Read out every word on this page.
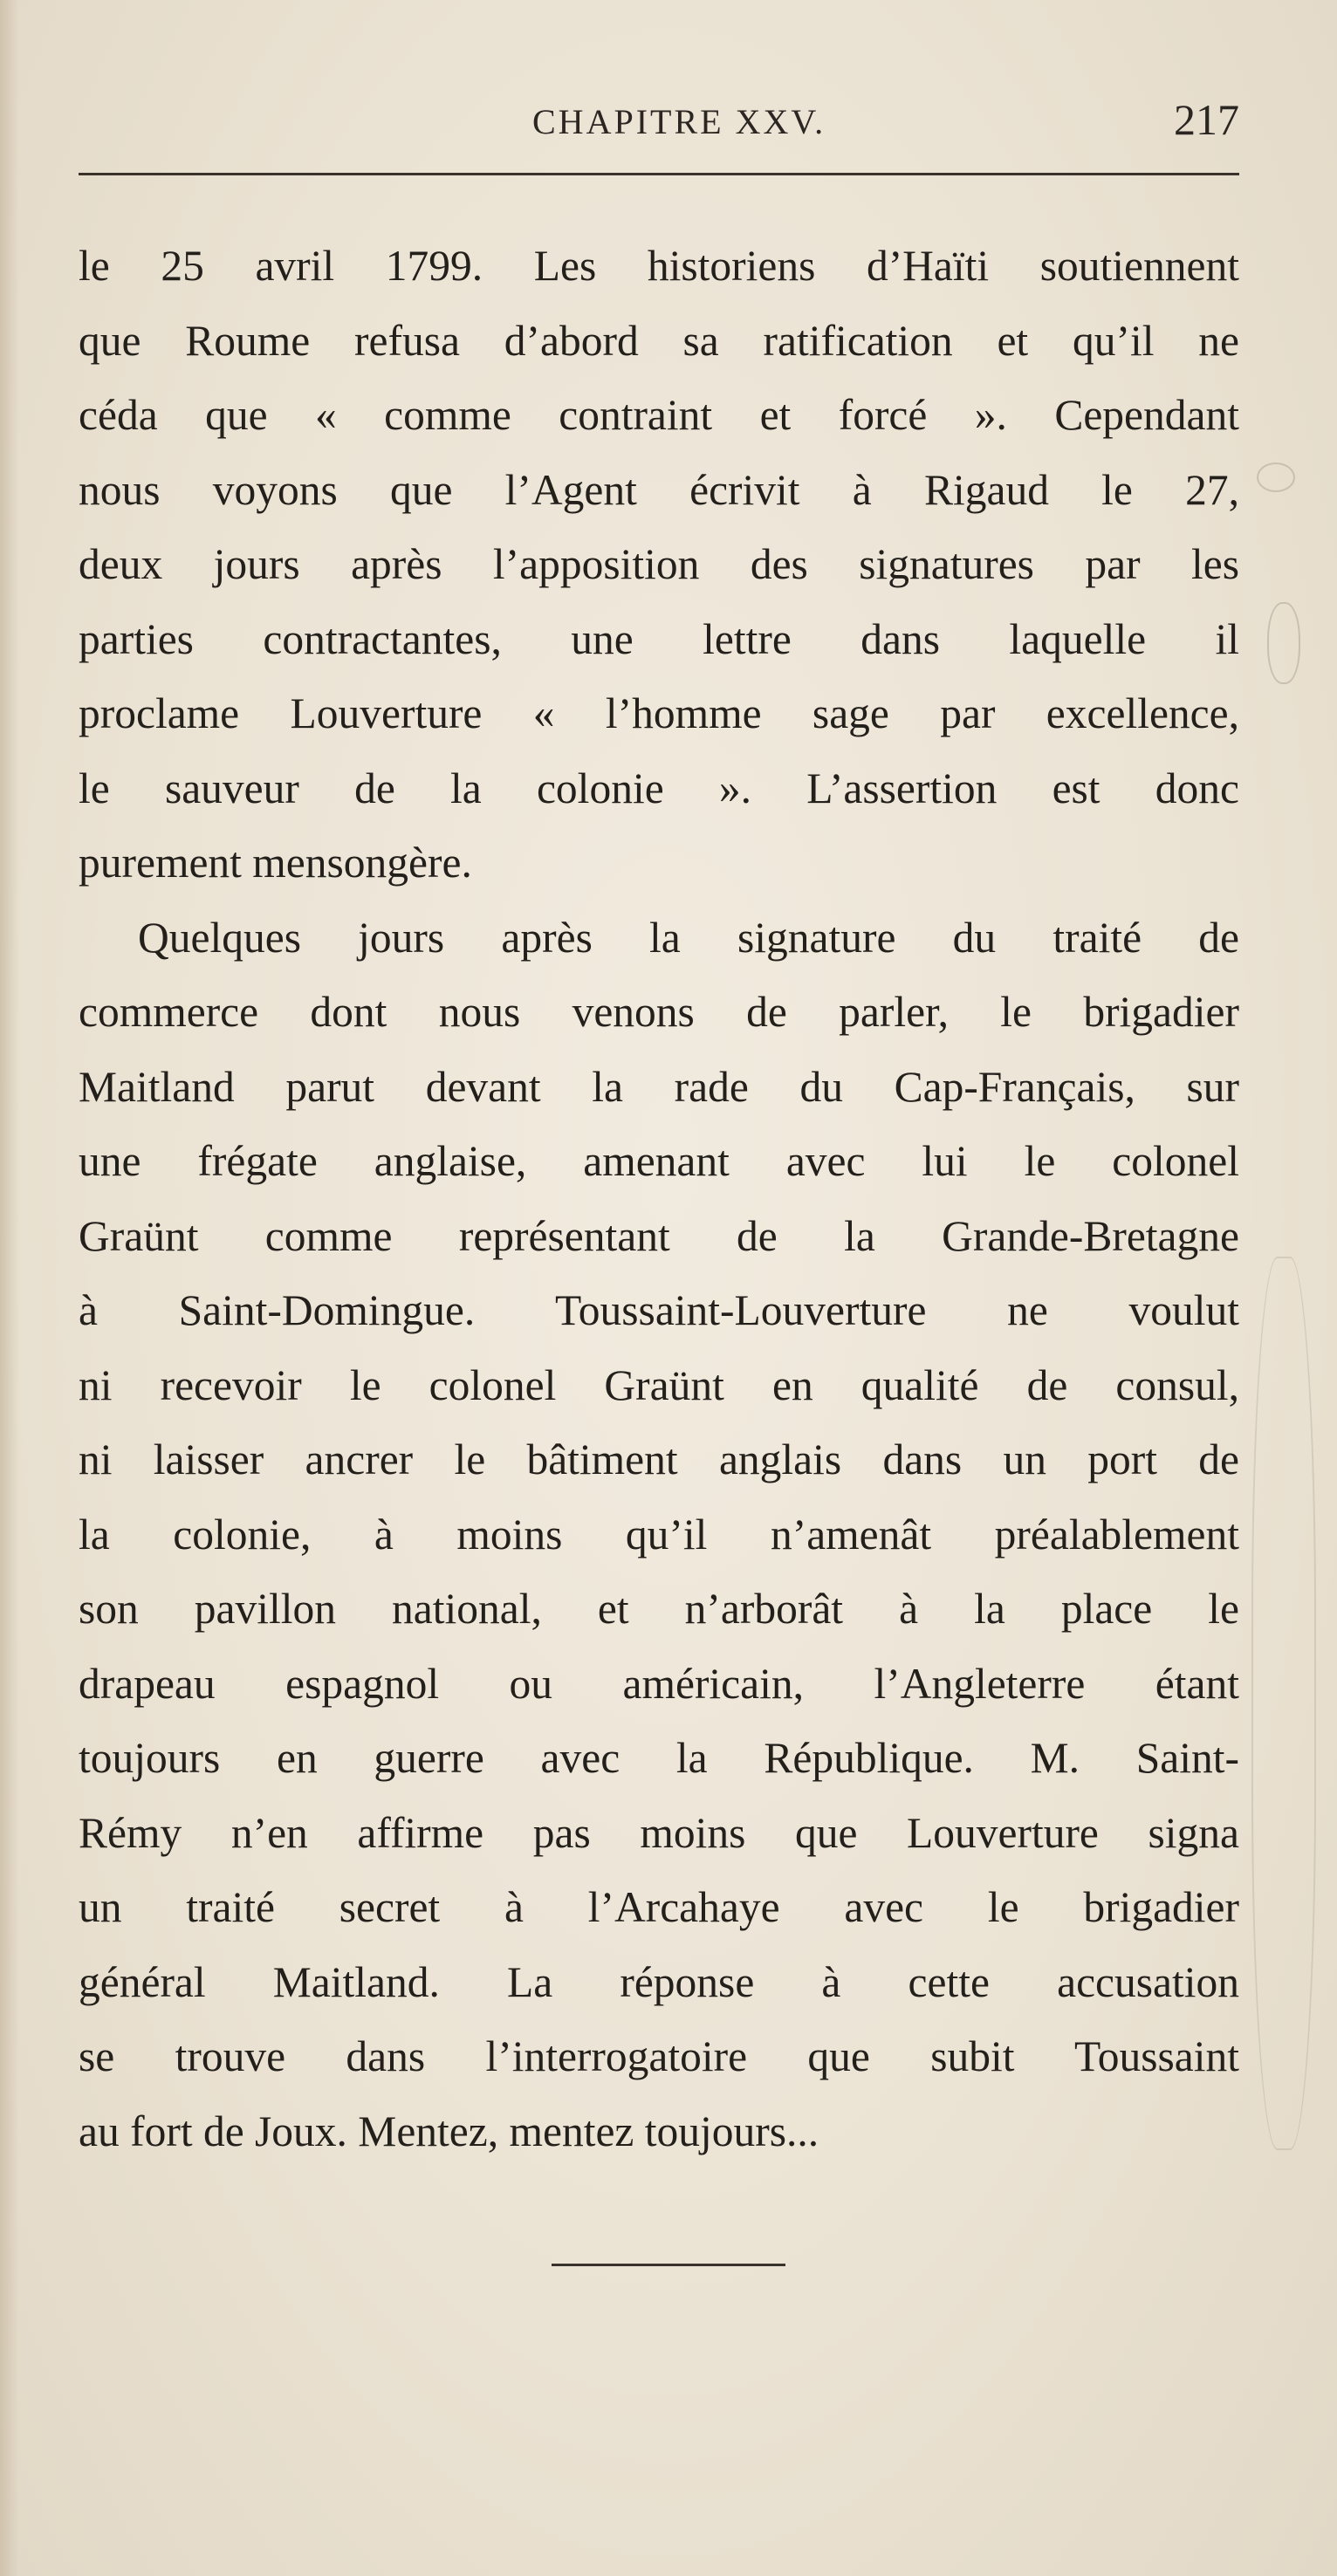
CHAPITRE XXV.	217
le 25 avril 1799. Les historiens d’Haïti soutiennent
que Roume refusa d’abord sa ratification et qu’il ne
céda que « comme contraint et forcé ». Cependant
nous voyons que l’Agent écrivit à Rigaud le 27,
deux jours après l’apposition des signatures par les
parties contractantes, une lettre dans laquelle il
proclame Louverture « l’homme sage par excellence,
le sauveur de la colonie ». L’assertion est donc
purement mensongère.
Quelques jours après la signature du traité de
commerce dont nous venons de parler, le brigadier
Maitland parut devant la rade du Cap-Français, sur
une frégate anglaise, amenant avec lui le colonel
Graünt comme représentant de la Grande-Bretagne
à Saint-Domingue. Toussaint-Louverture ne voulut
ni recevoir le colonel Graünt en qualité de consul,
ni laisser ancrer le bâtiment anglais dans un port de
la colonie, à moins qu’il n’amenât préalablement
son pavillon national, et n’arborât à la place le
drapeau espagnol ou américain, l’Angleterre étant
toujours en guerre avec la République. M. Saint-
Rémy n’en affirme pas moins que Louverture signa
un traité secret à l’Arcahaye avec le brigadier
général Maitland. La réponse à cette accusation
se trouve dans l’interrogatoire que subit Toussaint
au fort de Joux. Mentez, mentez toujours...
